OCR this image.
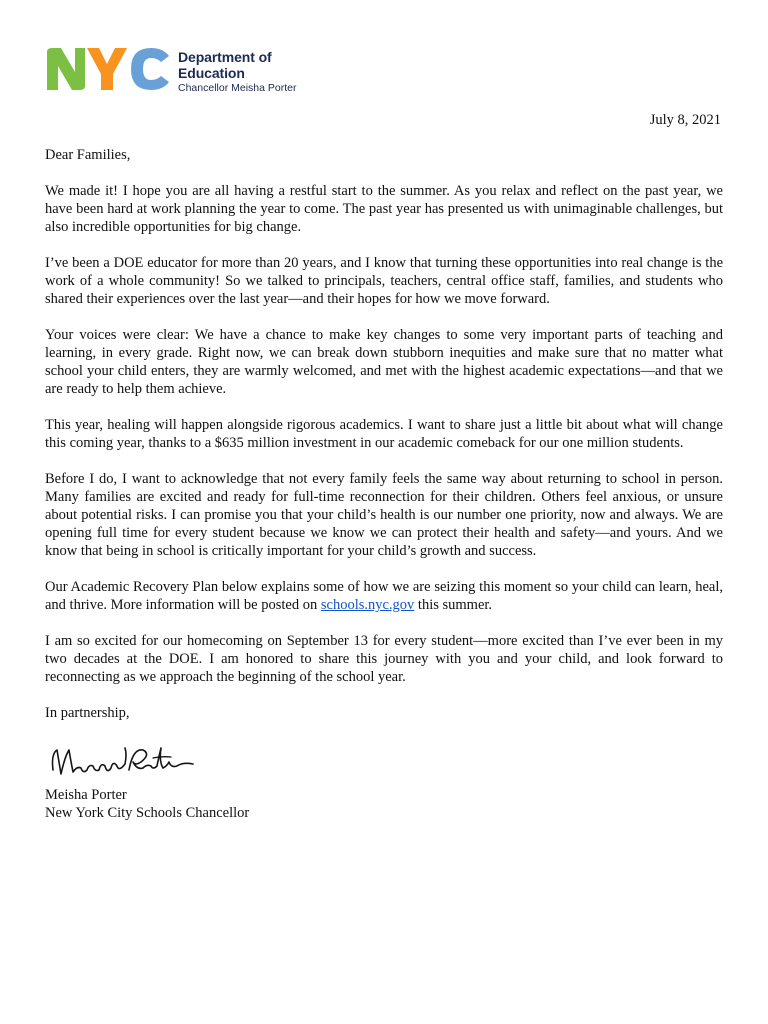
Department of
Education
Chancellor Meisha Porter
July 8, 2021

Dear Families,

We made it! I hope you are all having a restful start to the summer. As you relax and reflect on the past year, we have been hard at work planning the year to come. The past year has presented us with unimaginable challenges, but also incredible opportunities for big change.

I’ve been a DOE educator for more than 20 years, and I know that turning these opportunities into real change is the work of a whole community! So we talked to principals, teachers, central office staff, families, and students who shared their experiences over the last year—and their hopes for how we move forward.

Your voices were clear: We have a chance to make key changes to some very important parts of teaching and learning, in every grade. Right now, we can break down stubborn inequities and make sure that no matter what school your child enters, they are warmly welcomed, and met with the highest academic expectations—and that we are ready to help them achieve.

This year, healing will happen alongside rigorous academics. I want to share just a little bit about what will change this coming year, thanks to a $635 million investment in our academic comeback for our one million students.

Before I do, I want to acknowledge that not every family feels the same way about returning to school in person. Many families are excited and ready for full-time reconnection for their children. Others feel anxious, or unsure about potential risks. I can promise you that your child’s health is our number one priority, now and always. We are opening full time for every student because we know we can protect their health and safety—and yours. And we know that being in school is critically important for your child’s growth and success.

Our Academic Recovery Plan below explains some of how we are seizing this moment so your child can learn, heal, and thrive. More information will be posted on schools.nyc.gov this summer.

I am so excited for our homecoming on September 13 for every student—more excited than I’ve ever been in my two decades at the DOE. I am honored to share this journey with you and your child, and look forward to reconnecting as we approach the beginning of the school year.

In partnership,

Meisha Porter
New York City Schools Chancellor
